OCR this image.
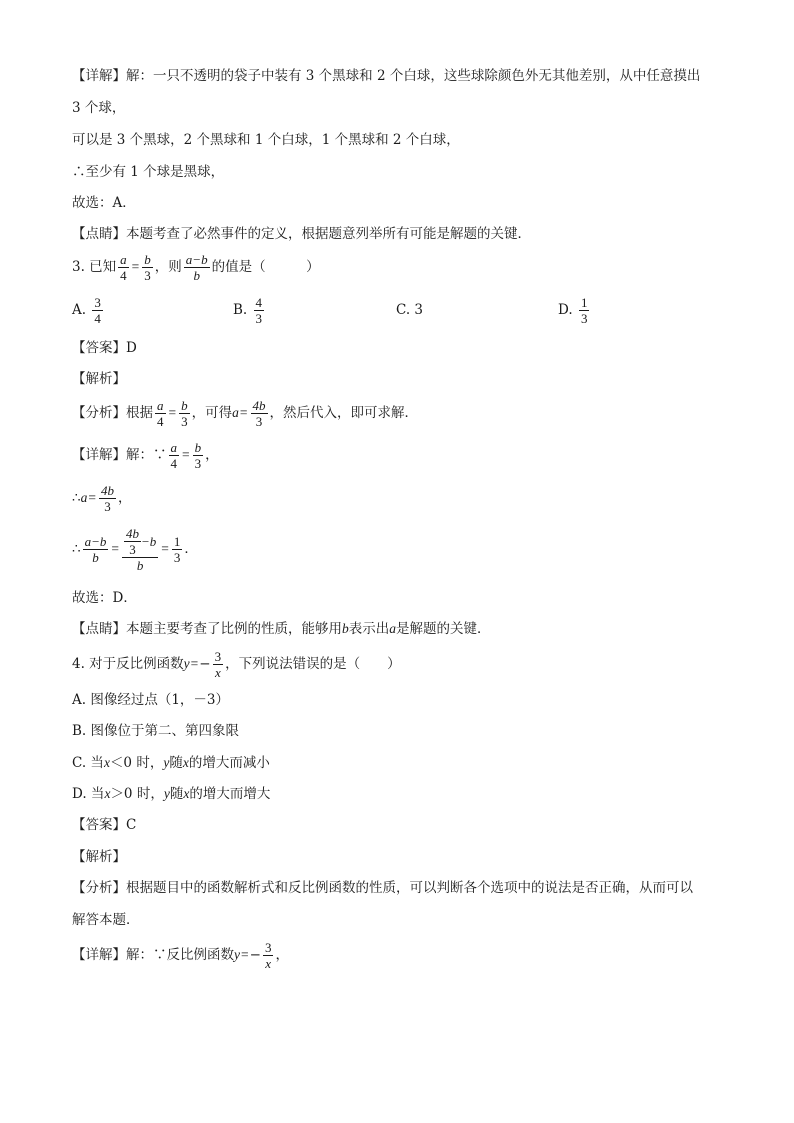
【详解】解：一只不透明的袋子中装有 3 个黑球和 2 个白球，这些球除颜色外无其他差别，从中任意摸出
3 个球，
可以是 3 个黑球，2 个黑球和 1 个白球，1 个黑球和 2 个白球，
∴至少有 1 个球是黑球，
故选：A．
【点睛】本题考查了必然事件的定义，根据题意列举所有可能是解题的关键．
3. 已知 $\frac{a}{4} = \frac{b}{3}$ ，则 $\frac{a-b}{b}$ 的值是（　　　）
A. $\frac{3}{4}$	B. $\frac{4}{3}$	C. 3	D. $\frac{1}{3}$
【答案】D
【解析】
【分析】根据 $\frac{a}{4} = \frac{b}{3}$ ，可得$a= \frac{4b}{3}$ ，然后代入，即可求解．
【详解】解：∵ $\frac{a}{4} = \frac{b}{3}$ ，
∴a= $\frac{4b}{3}$ ，
∴ $\frac{a-b}{b} = \frac{\frac{4b}{3} -b}{b} = \frac{1}{3}$ ．
故选：D．
【点睛】本题主要考查了比例的性质，能够用b表示出a是解题的关键．
4. 对于反比例函数$y=- \frac{3}{x}$ ，下列说法错误的是（　　）
A. 图像经过点（1，－3）
B. 图像位于第二、第四象限
C. 当x＜0 时，y随x的增大而减小
D. 当x＞0 时，y随x的增大而增大
【答案】C
【解析】
【分析】根据题目中的函数解析式和反比例函数的性质，可以判断各个选项中的说法是否正确，从而可以
解答本题．
【详解】解：∵反比例函数$y=- \frac{3}{x}$ ，
